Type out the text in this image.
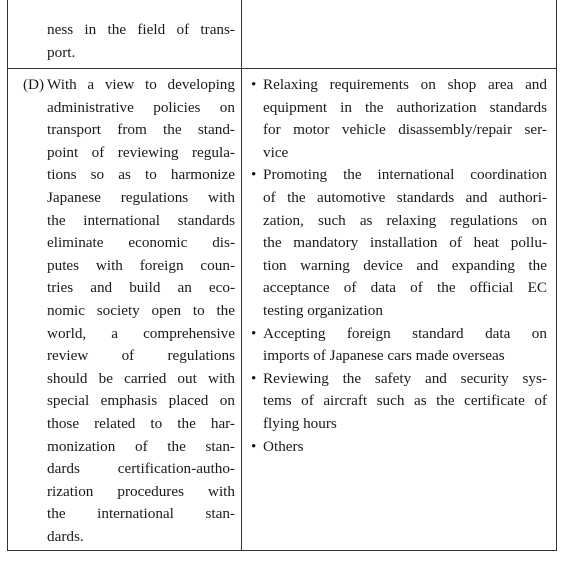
ness in the field of trans-
port.
(D) With a view to developing
administrative policies on
transport from the stand-
point of reviewing regula-
tions so as to harmonize
Japanese regulations with
the international standards
eliminate economic dis-
putes with foreign coun-
tries and build an eco-
nomic society open to the
world, a comprehensive
review of regulations
should be carried out with
special emphasis placed on
those related to the har-
monization of the stan-
dards certification-autho-
rization procedures with
the international stan-
dards.
• Relaxing requirements on shop area and
equipment in the authorization standards
for motor vehicle disassembly/repair ser-
vice
• Promoting the international coordination
of the automotive standards and authori-
zation, such as relaxing regulations on
the mandatory installation of heat pollu-
tion warning device and expanding the
acceptance of data of the official EC
testing organization
• Accepting foreign standard data on
imports of Japanese cars made overseas
• Reviewing the safety and security sys-
tems of aircraft such as the certificate of
flying hours
• Others
